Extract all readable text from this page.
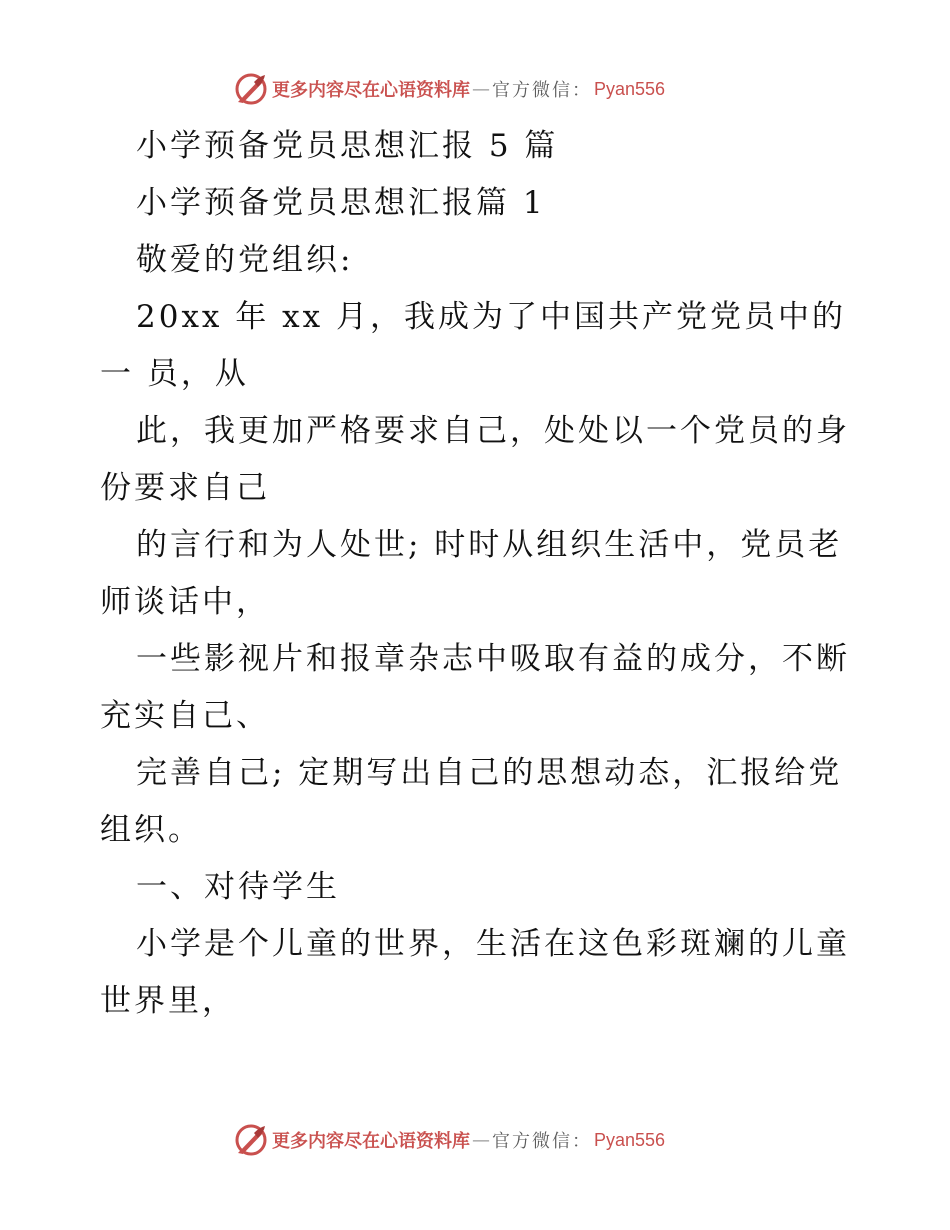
更多内容尽在心语资料库 — 官方微信： Pyan556
小学预备党员思想汇报 5 篇
小学预备党员思想汇报篇 1
敬爱的党组织:
20xx 年 xx 月，我成为了中国共产党党员中的
一 员，从
此，我更加严格要求自己，处处以一个党员的身
份要求自己
的言行和为人处世; 时时从组织生活中，党员老
师谈话中，
一些影视片和报章杂志中吸取有益的成分，不断
充实自己、
完善自己; 定期写出自己的思想动态，汇报给党
组织。
一、对待学生
小学是个儿童的世界，生活在这色彩斑斓的儿童
世界里，
更多内容尽在心语资料库 — 官方微信： Pyan556
